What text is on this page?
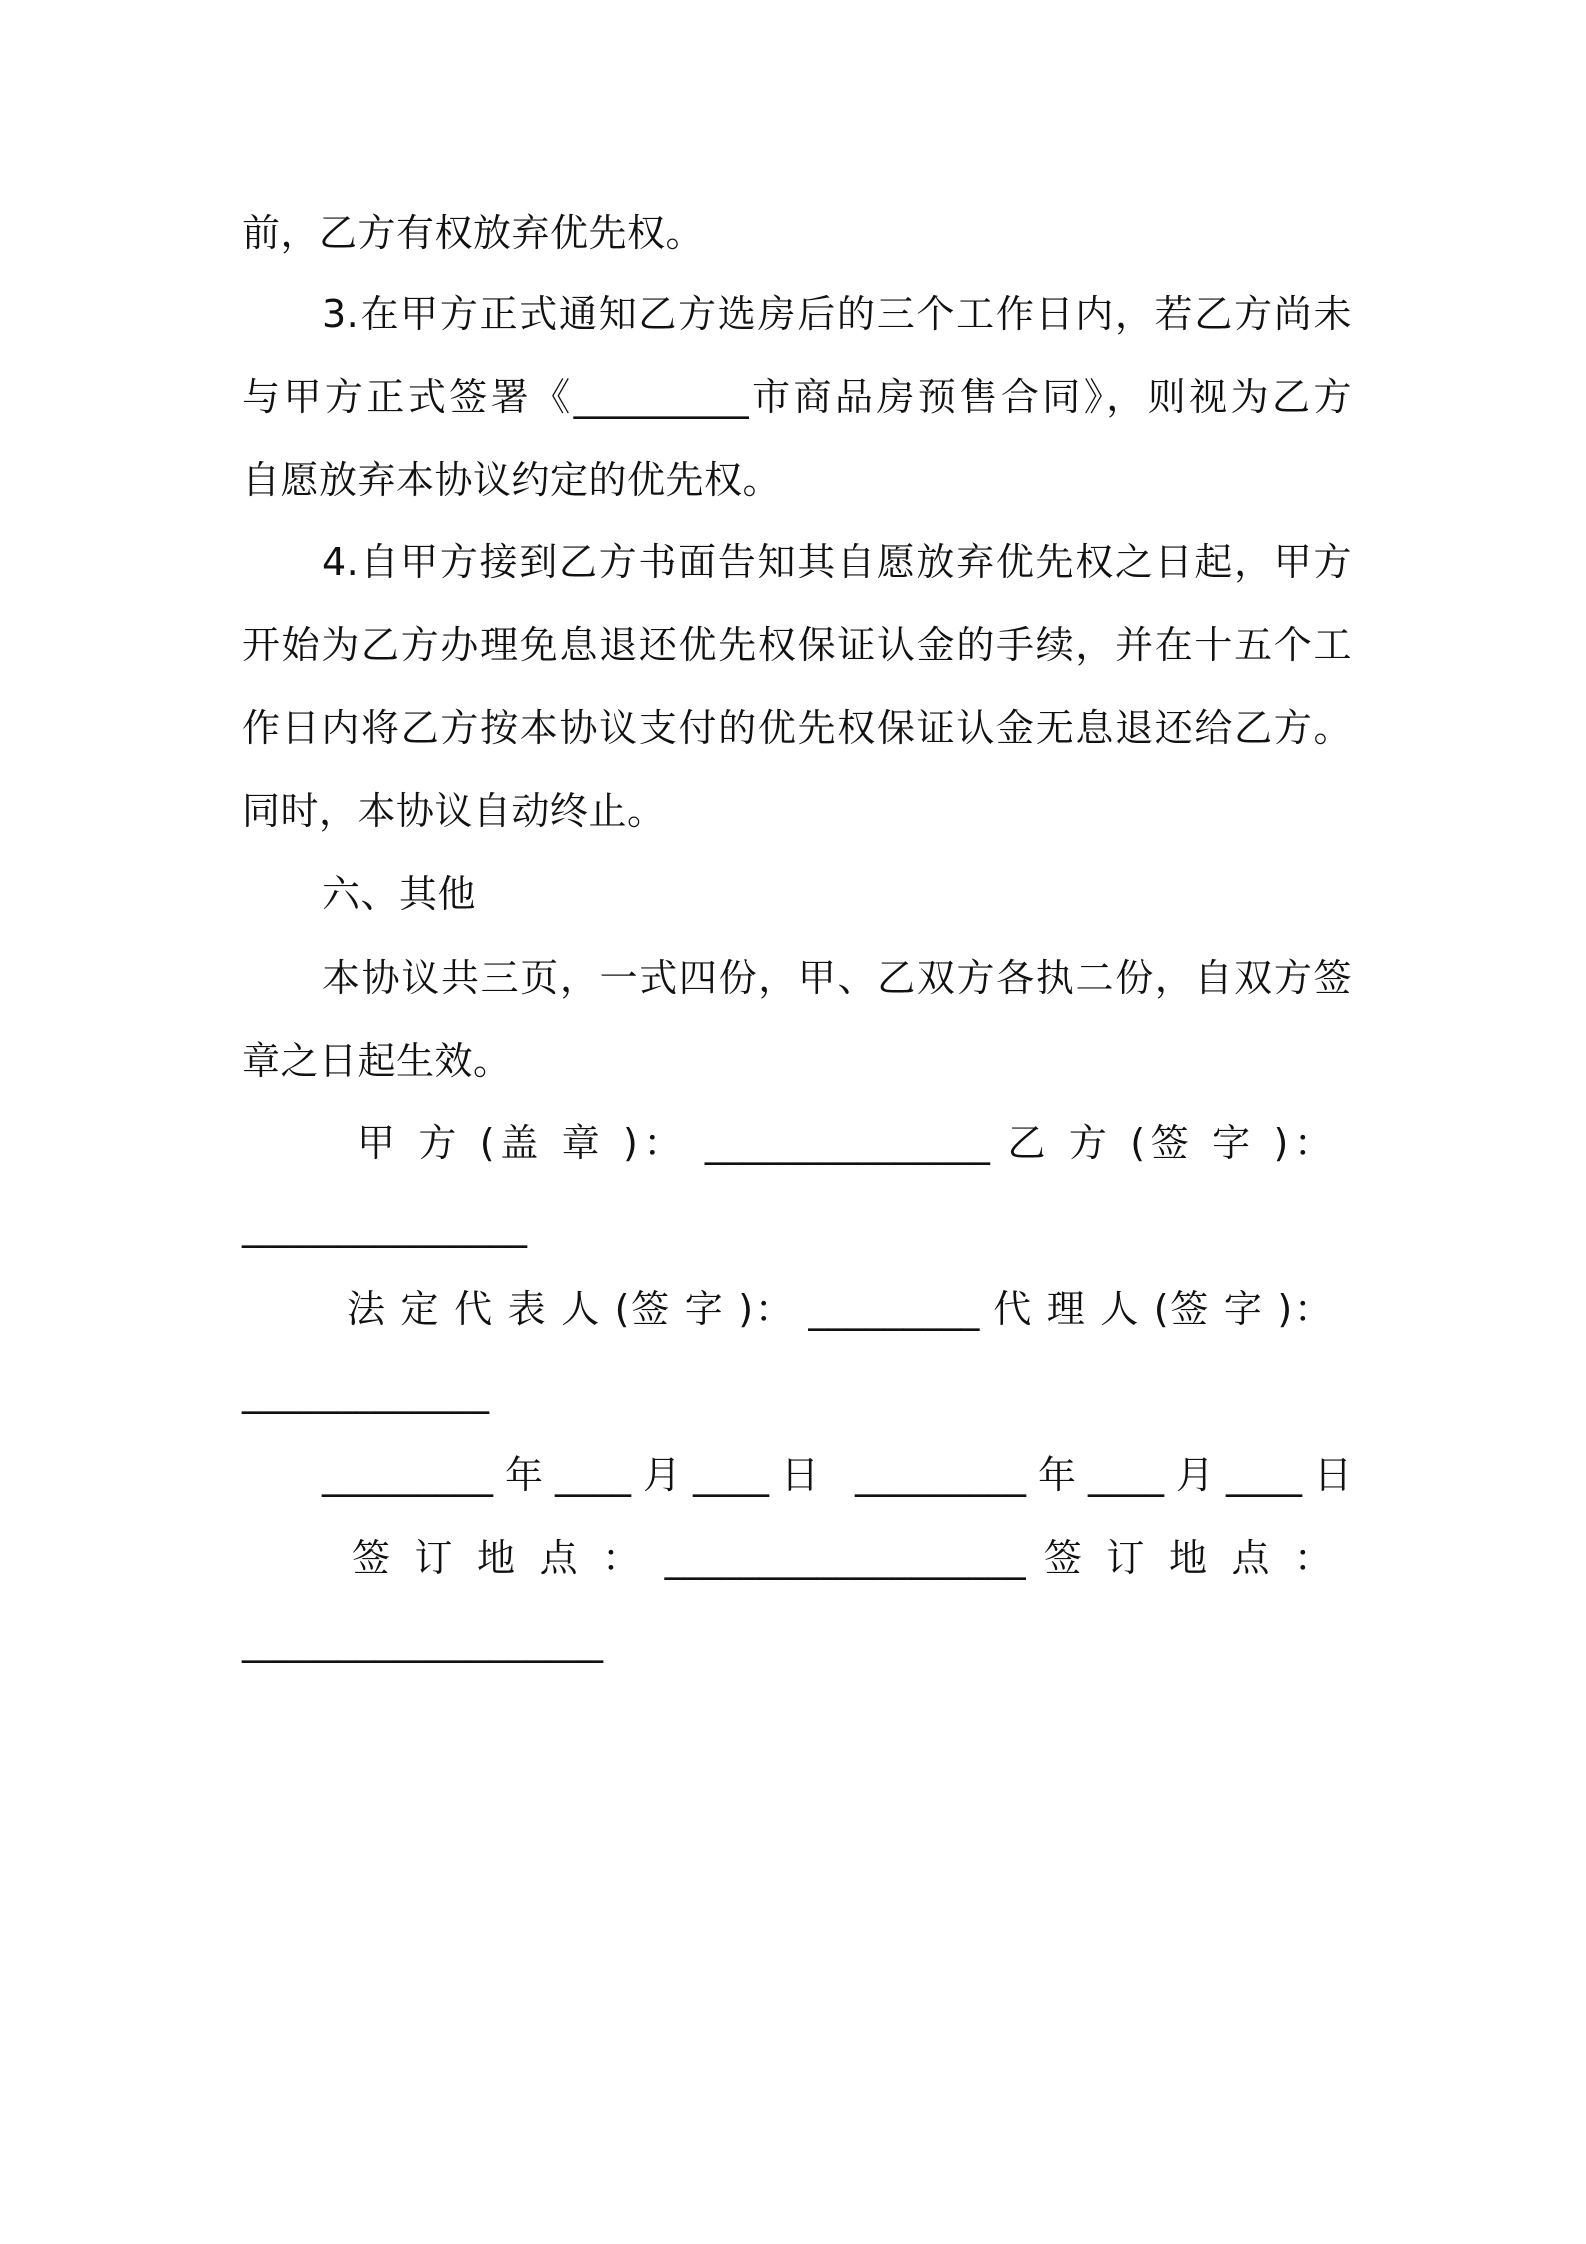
前，乙方有权放弃优先权。
3.在甲方正式通知乙方选房后的三个工作日内，若乙方尚未
与甲方正式签署《_________市商品房预售合同》，则视为乙方
自愿放弃本协议约定的优先权。
4.自甲方接到乙方书面告知其自愿放弃优先权之日起，甲方
开始为乙方办理免息退还优先权保证认金的手续，并在十五个工
作日内将乙方按本协议支付的优先权保证认金无息退还给乙方。
同时，本协议自动终止。
六、其他
本协议共三页，一式四份，甲、乙双方各执二份，自双方签
章之日起生效。
甲 方 (盖 章 )： _______________ 乙 方 (签 字 )：
_______________
法 定 代 表 人 (签 字 )： _________ 代 理 人 (签 字 )：
_____________
_________年____月____日 _________年____月____日
签 订 地 点 ： ___________________ 签 订 地 点 ：
___________________
